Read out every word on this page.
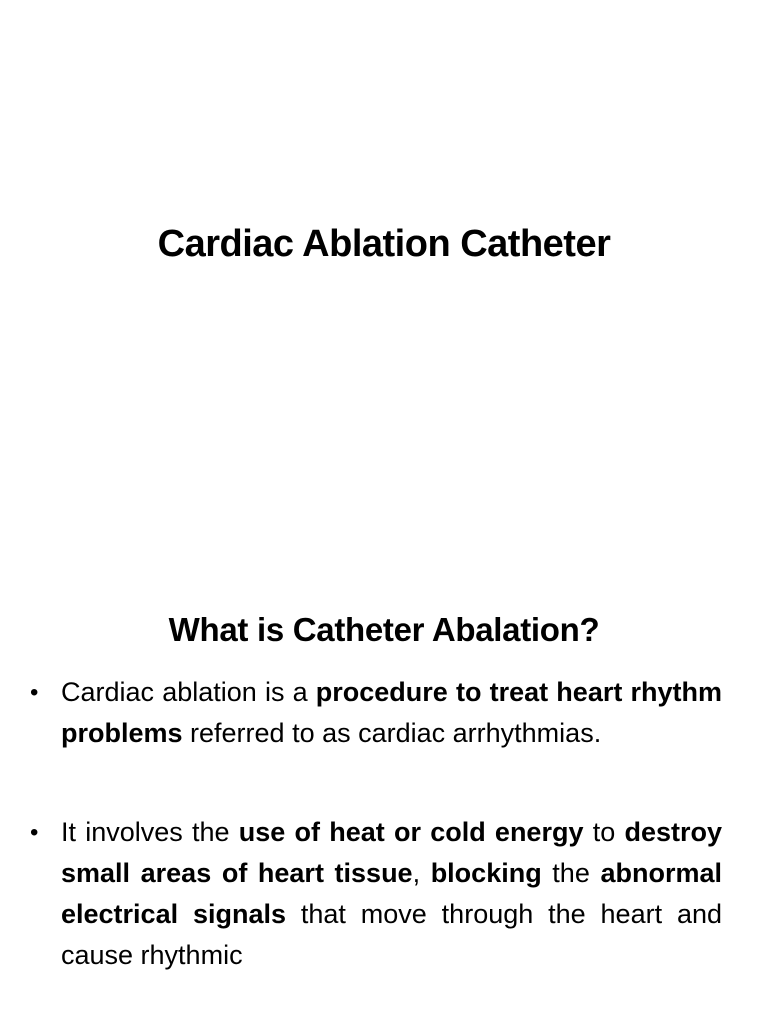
Cardiac Ablation Catheter
What is Catheter Abalation?
• Cardiac ablation is a procedure to treat heart rhythm problems referred to as cardiac arrhythmias.
• It involves the use of heat or cold energy to destroy small areas of heart tissue, blocking the abnormal electrical signals that move through the heart and cause rhythmic
